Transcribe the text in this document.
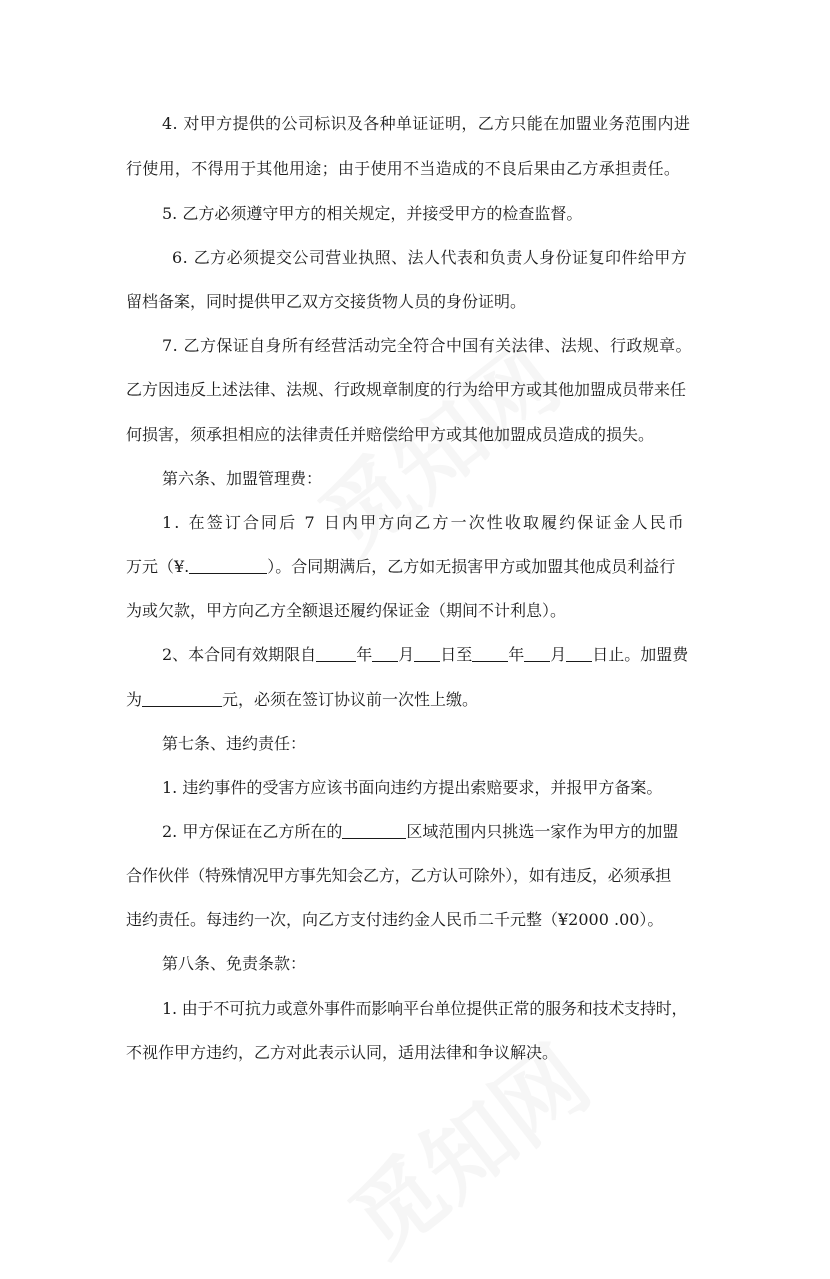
4. 对甲方提供的公司标识及各种单证证明，乙方只能在加盟业务范围内进
行使用，不得用于其他用途；由于使用不当造成的不良后果由乙方承担责任。
5. 乙方必须遵守甲方的相关规定，并接受甲方的检查监督。
6. 乙方必须提交公司营业执照、法人代表和负责人身份证复印件给甲方
留档备案，同时提供甲乙双方交接货物人员的身份证明。
7. 乙方保证自身所有经营活动完全符合中国有关法律、法规、行政规章。
乙方因违反上述法律、法规、行政规章制度的行为给甲方或其他加盟成员带来任
何损害，须承担相应的法律责任并赔偿给甲方或其他加盟成员造成的损失。
第六条、加盟管理费：
1. 在签订合同后 7 日内甲方向乙方一次性收取履约保证金人民币
万元（¥.	）。合同期满后，乙方如无损害甲方或加盟其他成员利益行
为或欠款，甲方向乙方全额退还履约保证金（期间不计利息）。
2、本合同有效期限自	年 月 日至 年 月 日止。加盟费
为	元，必须在签订协议前一次性上缴。
第七条、违约责任：
1. 违约事件的受害方应该书面向违约方提出索赔要求，并报甲方备案。
2. 甲方保证在乙方所在的	区域范围内只挑选一家作为甲方的加盟
合作伙伴（特殊情况甲方事先知会乙方，乙方认可除外），如有违反，必须承担
违约责任。每违约一次，向乙方支付违约金人民币二千元整（¥2000 .00）。
第八条、免责条款：
1. 由于不可抗力或意外事件而影响平台单位提供正常的服务和技术支持时，
不视作甲方违约，乙方对此表示认同，适用法律和争议解决。
